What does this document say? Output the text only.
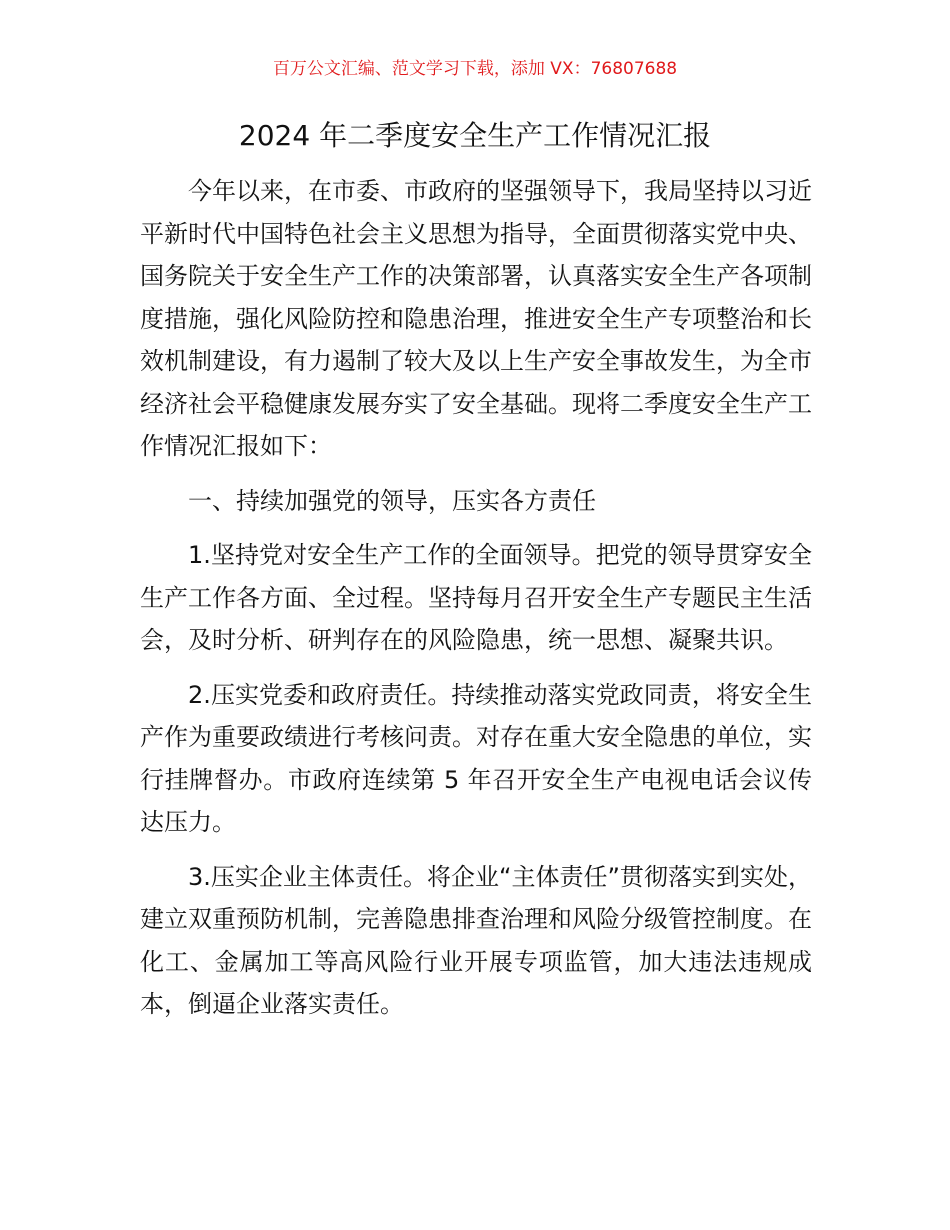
百万公文汇编、范文学习下载，添加 VX：76807688
2024 年二季度安全生产工作情况汇报

今年以来，在市委、市政府的坚强领导下，我局坚持以习近平新时代中国特色社会主义思想为指导，全面贯彻落实党中央、国务院关于安全生产工作的决策部署，认真落实安全生产各项制度措施，强化风险防控和隐患治理，推进安全生产专项整治和长效机制建设，有力遏制了较大及以上生产安全事故发生，为全市经济社会平稳健康发展夯实了安全基础。现将二季度安全生产工作情况汇报如下：

一、持续加强党的领导，压实各方责任

1.坚持党对安全生产工作的全面领导。把党的领导贯穿安全生产工作各方面、全过程。坚持每月召开安全生产专题民主生活会，及时分析、研判存在的风险隐患，统一思想、凝聚共识。

2.压实党委和政府责任。持续推动落实党政同责，将安全生产作为重要政绩进行考核问责。对存在重大安全隐患的单位，实行挂牌督办。市政府连续第 5 年召开安全生产电视电话会议传达压力。

3.压实企业主体责任。将企业“主体责任”贯彻落实到实处，建立双重预防机制，完善隐患排查治理和风险分级管控制度。在化工、金属加工等高风险行业开展专项监管，加大违法违规成本，倒逼企业落实责任。
